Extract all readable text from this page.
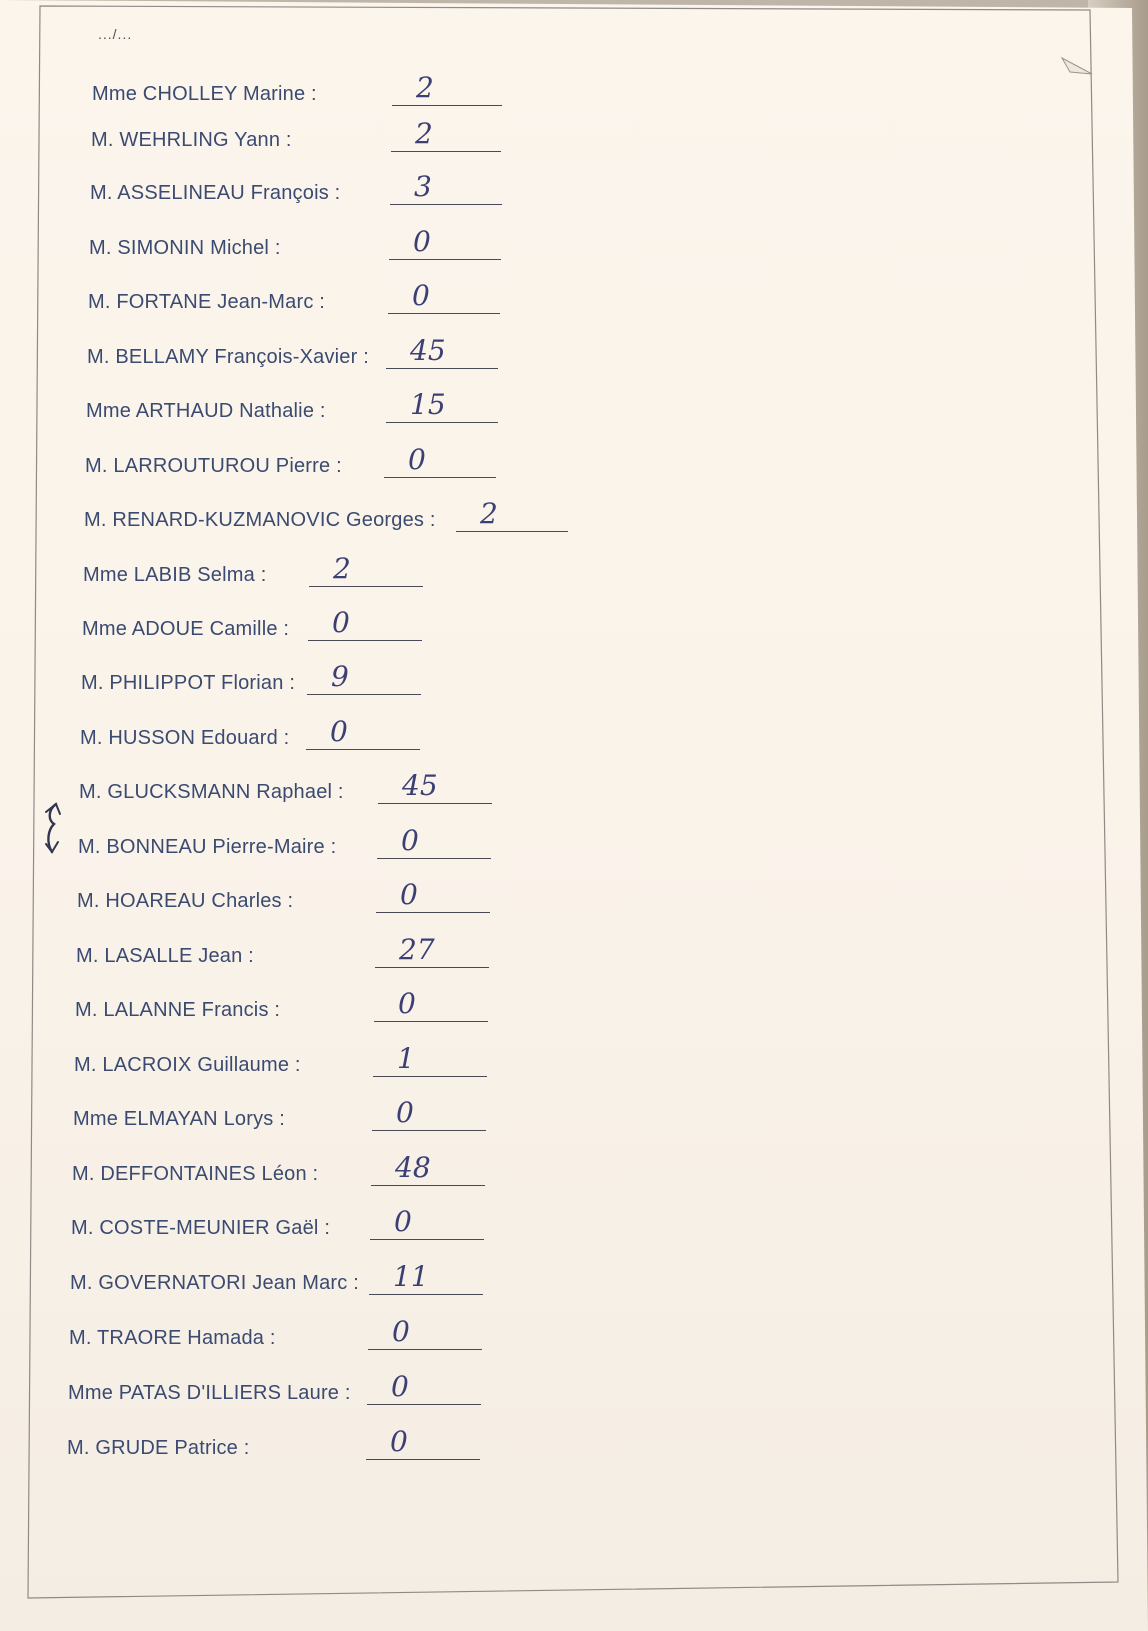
.../...
Mme CHOLLEY Marine :	2
M. WEHRLING Yann :	2
M. ASSELINEAU François :	3
M. SIMONIN Michel :	0
M. FORTANE Jean-Marc :	0
M. BELLAMY François-Xavier : 45
Mme ARTHAUD Nathalie :	15
M. LARROUTUROU Pierre : 0
M. RENARD-KUZMANOVIC Georges : 2
Mme LABIB Selma : 2
Mme ADOUE Camille : 0
M. PHILIPPOT Florian : 9
M. HUSSON Edouard : 0
M. GLUCKSMANN Raphael : 45
M. BONNEAU Pierre-Maire : 0
M. HOAREAU Charles :	0
M. LASALLE Jean :	27
M. LALANNE Francis :	0
M. LACROIX Guillaume :	1
Mme ELMAYAN Lorys :	0
M. DEFFONTAINES Léon :	48
M. COSTE-MEUNIER Gaël : 0
M. GOVERNATORI Jean Marc : 11
M. TRAORE Hamada :	0
Mme PATAS D'ILLIERS Laure : 0
M. GRUDE Patrice :	0
